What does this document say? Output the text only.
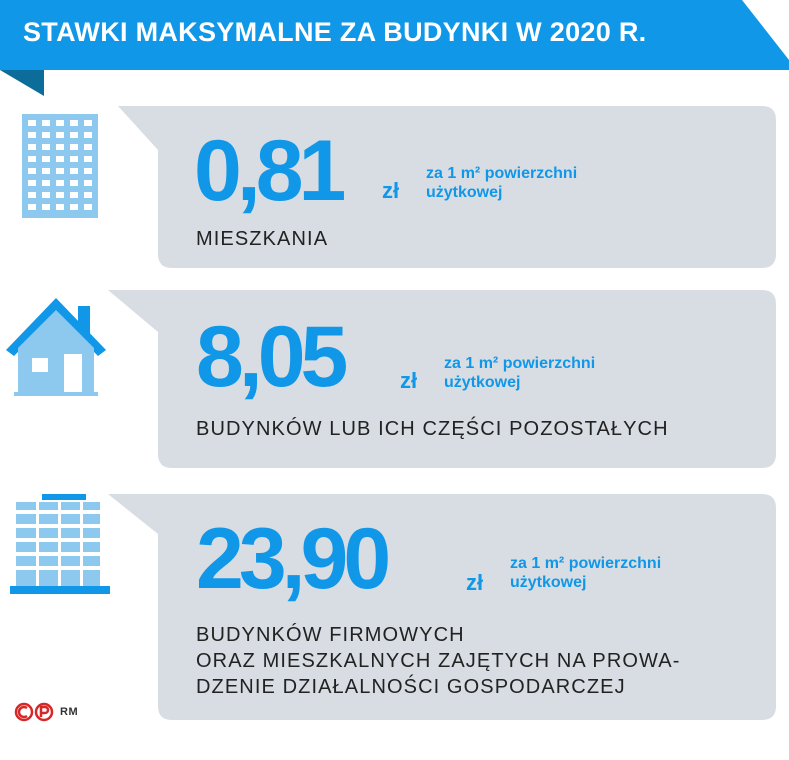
STAWKI MAKSYMALNE ZA BUDYNKI W 2020 R.
0,81 zł
za 1 m² powierzchni
użytkowej
MIESZKANIA
8,05	zł
za 1 m² powierzchni
użytkowej
BUDYNKÓW LUB ICH CZĘŚCI POZOSTAŁYCH
23,90	zł
za 1 m² powierzchni
użytkowej
BUDYNKÓW FIRMOWYCH
ORAZ MIESZKALNYCH ZAJĘTYCH NA PROWA-
DZENIE DZIAŁALNOŚCI GOSPODARCZEJ
RM
